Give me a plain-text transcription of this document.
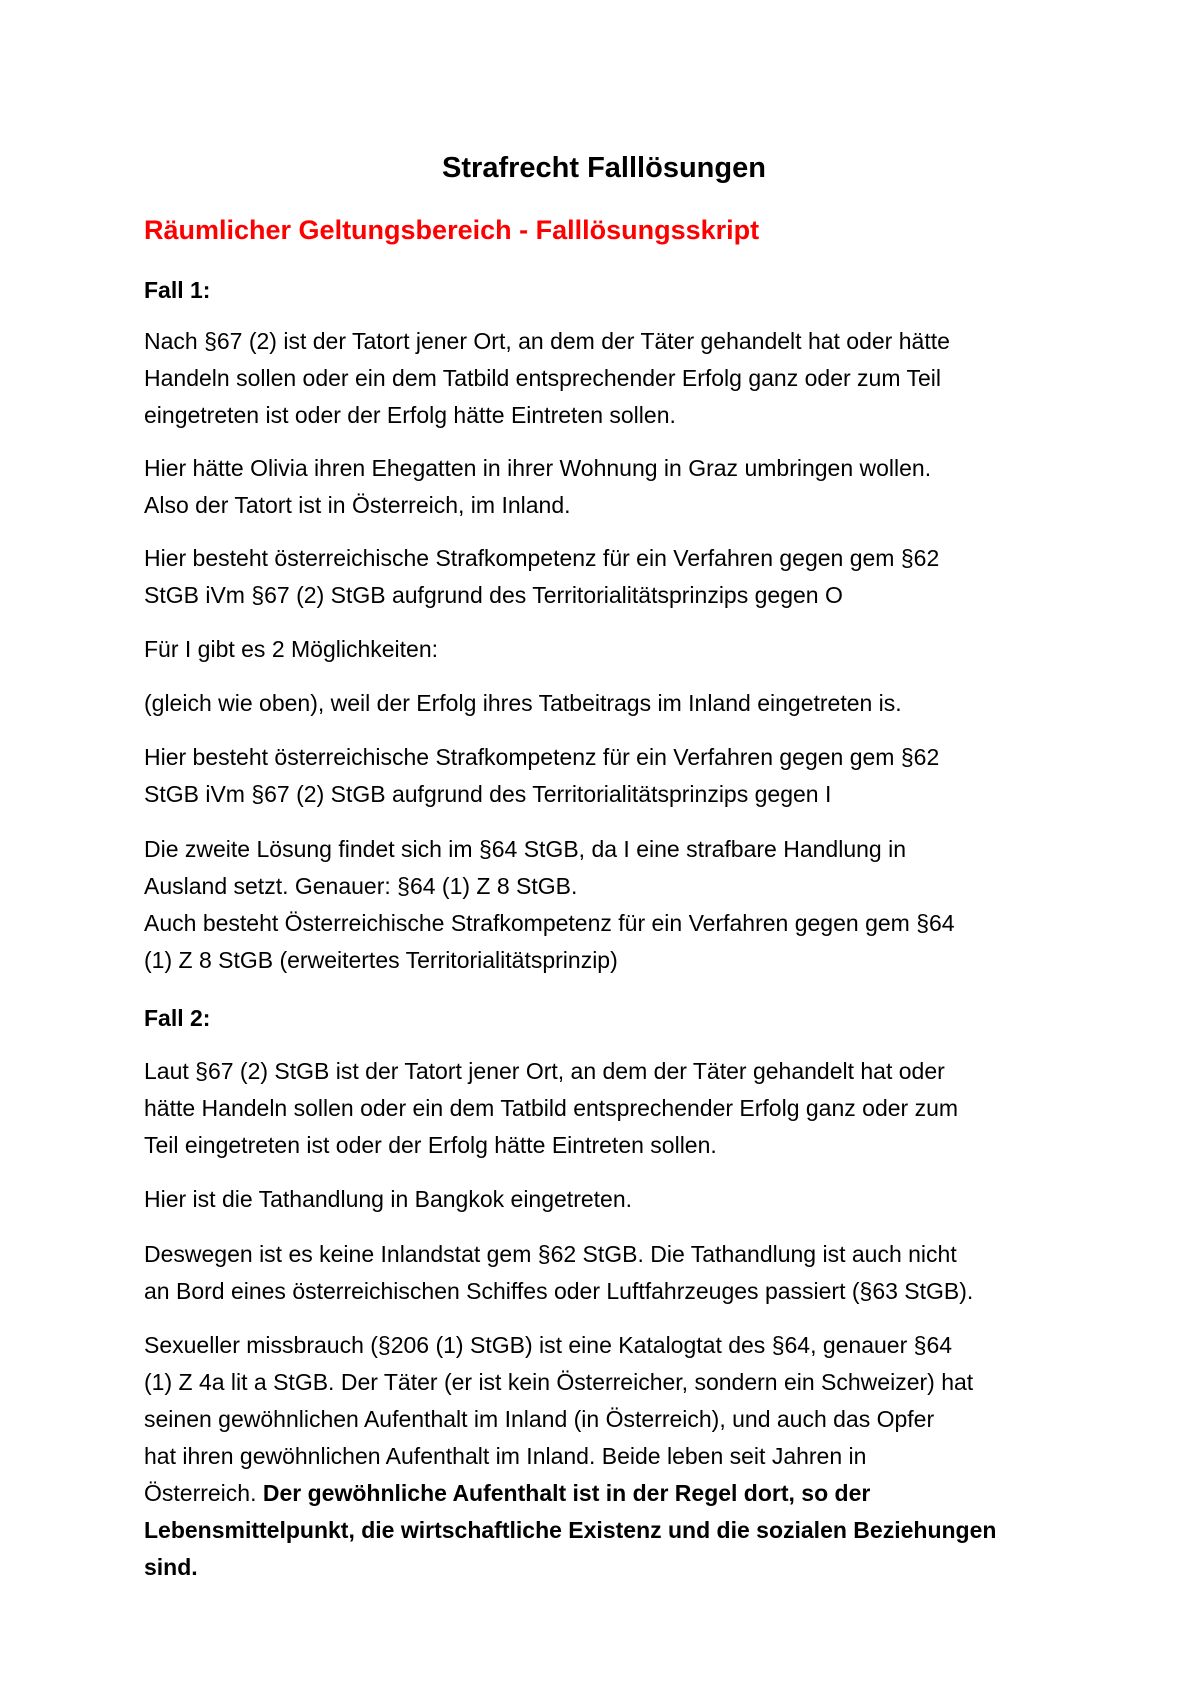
Strafrecht Falllösungen
Räumlicher Geltungsbereich - Falllösungsskript

Fall 1:

Nach §67 (2) ist der Tatort jener Ort, an dem der Täter gehandelt hat oder hätte
Handeln sollen oder ein dem Tatbild entsprechender Erfolg ganz oder zum Teil
eingetreten ist oder der Erfolg hätte Eintreten sollen.

Hier hätte Olivia ihren Ehegatten in ihrer Wohnung in Graz umbringen wollen.
Also der Tatort ist in Österreich, im Inland.

Hier besteht österreichische Strafkompetenz für ein Verfahren gegen gem §62
StGB iVm §67 (2) StGB aufgrund des Territorialitätsprinzips gegen O

Für I gibt es 2 Möglichkeiten:

(gleich wie oben), weil der Erfolg ihres Tatbeitrags im Inland eingetreten is.

Hier besteht österreichische Strafkompetenz für ein Verfahren gegen gem §62
StGB iVm §67 (2) StGB aufgrund des Territorialitätsprinzips gegen I

Die zweite Lösung findet sich im §64 StGB, da I eine strafbare Handlung in
Ausland setzt. Genauer: §64 (1) Z 8 StGB.
Auch besteht Österreichische Strafkompetenz für ein Verfahren gegen gem §64
(1) Z 8 StGB (erweitertes Territorialitätsprinzip)

Fall 2:

Laut §67 (2) StGB ist der Tatort jener Ort, an dem der Täter gehandelt hat oder
hätte Handeln sollen oder ein dem Tatbild entsprechender Erfolg ganz oder zum
Teil eingetreten ist oder der Erfolg hätte Eintreten sollen.

Hier ist die Tathandlung in Bangkok eingetreten.

Deswegen ist es keine Inlandstat gem §62 StGB. Die Tathandlung ist auch nicht
an Bord eines österreichischen Schiffes oder Luftfahrzeuges passiert (§63 StGB).

Sexueller missbrauch (§206 (1) StGB) ist eine Katalogtat des §64, genauer §64
(1) Z 4a lit a StGB. Der Täter (er ist kein Österreicher, sondern ein Schweizer) hat
seinen gewöhnlichen Aufenthalt im Inland (in Österreich), und auch das Opfer
hat ihren gewöhnlichen Aufenthalt im Inland. Beide leben seit Jahren in
Österreich. Der gewöhnliche Aufenthalt ist in der Regel dort, so der
Lebensmittelpunkt, die wirtschaftliche Existenz und die sozialen Beziehungen
sind.
